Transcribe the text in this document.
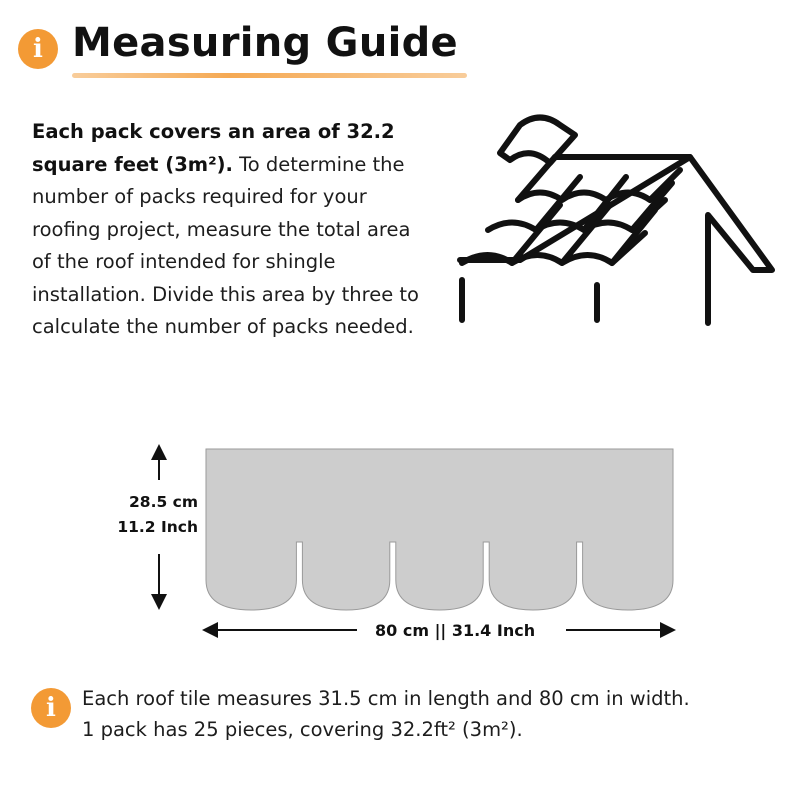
i Measuring Guide

Each pack covers an area of 32.2 square feet (3m²). To determine the number of packs required for your roofing project, measure the total area of the roof intended for shingle installation. Divide this area by three to calculate the number of packs needed.

28.5 cm
11.2 Inch
80 cm || 31.4 Inch
i	Each roof tile measures 31.5 cm in length and 80 cm in width.
1 pack has 25 pieces, covering 32.2ft² (3m²).
